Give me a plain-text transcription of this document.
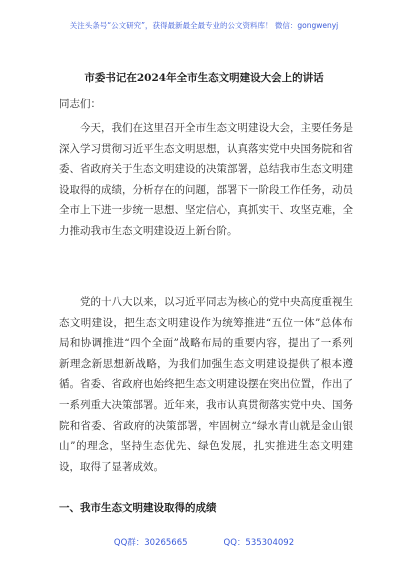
关注头条号“公文研究”，获得最新最全最专业的公文资料库！ 微信：gongwenyj
市委书记在2024年全市生态文明建设大会上的讲话
同志们：

今天，我们在这里召开全市生态文明建设大会，主要任务是深入学习贯彻习近平生态文明思想，认真落实党中央国务院和省委、省政府关于生态文明建设的决策部署，总结我市生态文明建设取得的成绩，分析存在的问题，部署下一阶段工作任务，动员全市上下进一步统一思想、坚定信心，真抓实干、攻坚克难，全力推动我市生态文明建设迈上新台阶。

党的十八大以来，以习近平同志为核心的党中央高度重视生态文明建设，把生态文明建设作为统筹推进“五位一体”总体布局和协调推进“四个全面”战略布局的重要内容，提出了一系列新理念新思想新战略，为我们加强生态文明建设提供了根本遵循。省委、省政府也始终把生态文明建设摆在突出位置，作出了一系列重大决策部署。近年来，我市认真贯彻落实党中央、国务院和省委、省政府的决策部署，牢固树立“绿水青山就是金山银山”的理念，坚持生态优先、绿色发展，扎实推进生态文明建设，取得了显著成效。

一、我市生态文明建设取得的成绩
QQ群：30265665	QQ：535304092
